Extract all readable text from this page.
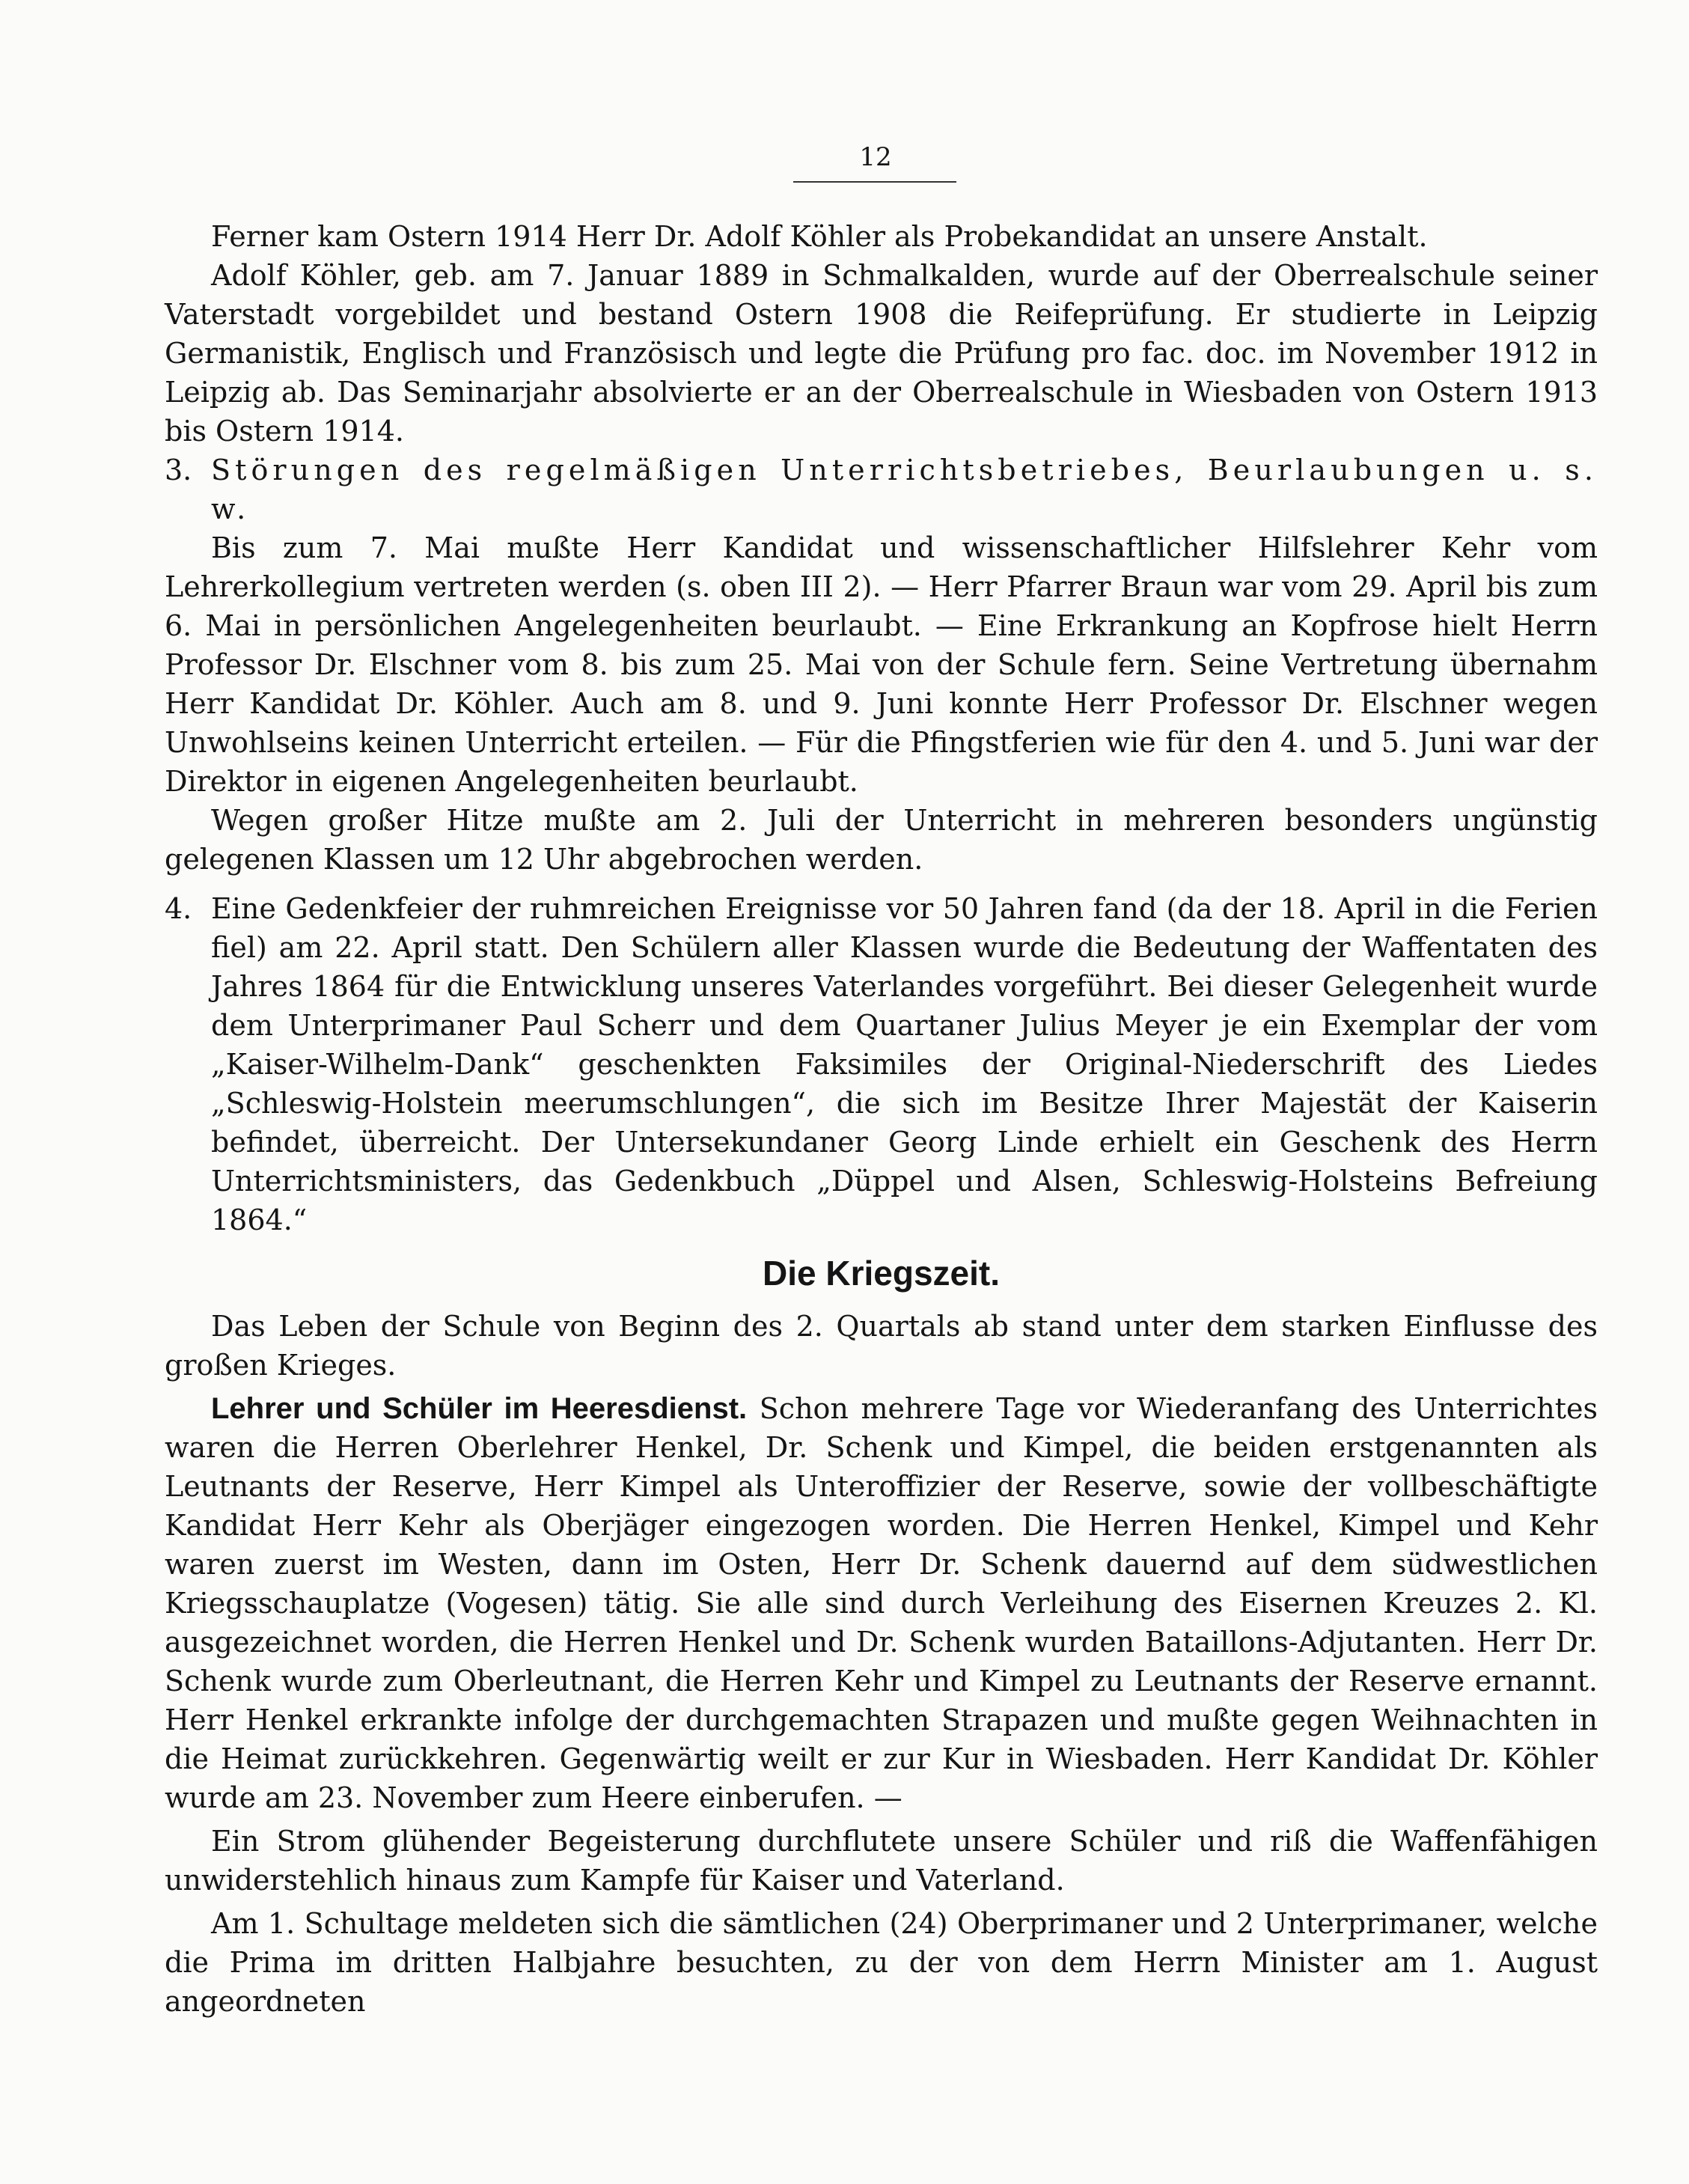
12

Ferner kam Ostern 1914 Herr Dr. Adolf Köhler als Probekandidat an unsere Anstalt.

Adolf Köhler, geb. am 7. Januar 1889 in Schmalkalden, wurde auf der Oberrealschule seiner Vaterstadt vorgebildet und bestand Ostern 1908 die Reifeprüfung. Er studierte in Leipzig Germanistik, Englisch und Französisch und legte die Prüfung pro fac. doc. im November 1912 in Leipzig ab. Das Seminarjahr absolvierte er an der Oberrealschule in Wiesbaden von Ostern 1913 bis Ostern 1914.

3. Störungen des regelmäßigen Unterrichtsbetriebes, Beurlaubungen u. s. w.

Bis zum 7. Mai mußte Herr Kandidat und wissenschaftlicher Hilfslehrer Kehr vom Lehrerkollegium vertreten werden (s. oben III 2). — Herr Pfarrer Braun war vom 29. April bis zum 6. Mai in persönlichen Angelegenheiten beurlaubt. — Eine Erkrankung an Kopfrose hielt Herrn Professor Dr. Elschner vom 8. bis zum 25. Mai von der Schule fern. Seine Vertretung übernahm Herr Kandidat Dr. Köhler. Auch am 8. und 9. Juni konnte Herr Professor Dr. Elschner wegen Unwohlseins keinen Unterricht erteilen. — Für die Pfingstferien wie für den 4. und 5. Juni war der Direktor in eigenen Angelegenheiten beurlaubt.

Wegen großer Hitze mußte am 2. Juli der Unterricht in mehreren besonders ungünstig gelegenen Klassen um 12 Uhr abgebrochen werden.

4. Eine Gedenkfeier der ruhmreichen Ereignisse vor 50 Jahren fand (da der 18. April in die Ferien fiel) am 22. April statt. Den Schülern aller Klassen wurde die Bedeutung der Waffentaten des Jahres 1864 für die Entwicklung unseres Vaterlandes vorgeführt. Bei dieser Gelegenheit wurde dem Unterprimaner Paul Scherr und dem Quartaner Julius Meyer je ein Exemplar der vom „Kaiser-Wilhelm-Dank“ geschenkten Faksimiles der Original-Niederschrift des Liedes „Schleswig-Holstein meerumschlungen“, die sich im Besitze Ihrer Majestät der Kaiserin befindet, überreicht. Der Untersekundaner Georg Linde erhielt ein Geschenk des Herrn Unterrichtsministers, das Gedenkbuch „Düppel und Alsen, Schleswig-Holsteins Befreiung 1864.“

Die Kriegszeit.

Das Leben der Schule von Beginn des 2. Quartals ab stand unter dem starken Einflusse des großen Krieges.

Lehrer und Schüler im Heeresdienst. Schon mehrere Tage vor Wiederanfang des Unterrichtes waren die Herren Oberlehrer Henkel, Dr. Schenk und Kimpel, die beiden erstgenannten als Leutnants der Reserve, Herr Kimpel als Unteroffizier der Reserve, sowie der vollbeschäftigte Kandidat Herr Kehr als Oberjäger eingezogen worden. Die Herren Henkel, Kimpel und Kehr waren zuerst im Westen, dann im Osten, Herr Dr. Schenk dauernd auf dem südwestlichen Kriegsschauplatze (Vogesen) tätig. Sie alle sind durch Verleihung des Eisernen Kreuzes 2. Kl. ausgezeichnet worden, die Herren Henkel und Dr. Schenk wurden Bataillons-Adjutanten. Herr Dr. Schenk wurde zum Oberleutnant, die Herren Kehr und Kimpel zu Leutnants der Reserve ernannt. Herr Henkel erkrankte infolge der durchgemachten Strapazen und mußte gegen Weihnachten in die Heimat zurückkehren. Gegenwärtig weilt er zur Kur in Wiesbaden. Herr Kandidat Dr. Köhler wurde am 23. November zum Heere einberufen. —

Ein Strom glühender Begeisterung durchflutete unsere Schüler und riß die Waffenfähigen unwiderstehlich hinaus zum Kampfe für Kaiser und Vaterland.

Am 1. Schultage meldeten sich die sämtlichen (24) Oberprimaner und 2 Unterprimaner, welche die Prima im dritten Halbjahre besuchten, zu der von dem Herrn Minister am 1. August angeordneten
